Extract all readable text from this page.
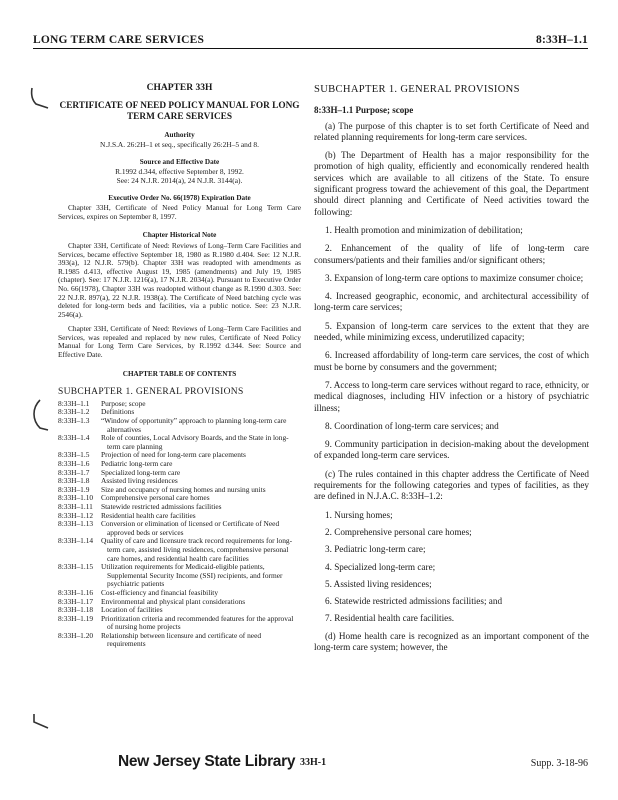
LONG TERM CARE SERVICES	8:33H–1.1
CHAPTER 33H
CERTIFICATE OF NEED POLICY MANUAL FOR LONG TERM CARE SERVICES
Authority
N.J.S.A. 26:2H–1 et seq., specifically 26:2H–5 and 8.
Source and Effective Date
R.1992 d.344, effective September 8, 1992.
See: 24 N.J.R. 2014(a), 24 N.J.R. 3144(a).
Executive Order No. 66(1978) Expiration Date

Chapter 33H, Certificate of Need Policy Manual for Long Term Care Services, expires on September 8, 1997.

Chapter Historical Note

Chapter 33H, Certificate of Need: Reviews of Long–Term Care Facilities and Services, became effective September 18, 1980 as R.1980 d.404. See: 12 N.J.R. 393(a), 12 N.J.R. 579(b). Chapter 33H was readopted with amendments as R.1985 d.413, effective August 19, 1985 (amendments) and July 19, 1985 (chapter). See: 17 N.J.R. 1216(a), 17 N.J.R. 2034(a). Pursuant to Executive Order No. 66(1978), Chapter 33H was readopted without change as R.1990 d.303. See: 22 N.J.R. 897(a), 22 N.J.R. 1938(a). The Certificate of Need batching cycle was deleted for long-term beds and facilities, via a public notice. See: 23 N.J.R. 2546(a).

Chapter 33H, Certificate of Need: Reviews of Long–Term Care Facilities and Services, was repealed and replaced by new rules, Certificate of Need Policy Manual for Long Term Care Services, by R.1992 d.344. See: Source and Effective Date.

CHAPTER TABLE OF CONTENTS
SUBCHAPTER 1. GENERAL PROVISIONS
8:33H–1.1	Purpose; scope
8:33H–1.2	Definitions
8:33H–1.3	“Window of opportunity” approach to planning long-term care alternatives
8:33H–1.4	Role of counties, Local Advisory Boards, and the State in long-term care planning
8:33H–1.5	Projection of need for long-term care placements
8:33H–1.6	Pediatric long-term care
8:33H–1.7	Specialized long-term care
8:33H–1.8	Assisted living residences
8:33H–1.9	Size and occupancy of nursing homes and nursing units
8:33H–1.10	Comprehensive personal care homes
8:33H–1.11	Statewide restricted admissions facilities
8:33H–1.12	Residential health care facilities
8:33H–1.13	Conversion or elimination of licensed or Certificate of Need approved beds or services
8:33H–1.14	Quality of care and licensure track record requirements for long-term care, assisted living residences, comprehensive personal care homes, and residential health care facilities
8:33H–1.15	Utilization requirements for Medicaid-eligible patients, Supplemental Security Income (SSI) recipients, and former psychiatric patients
8:33H–1.16	Cost-efficiency and financial feasibility
8:33H–1.17	Environmental and physical plant considerations
8:33H–1.18	Location of facilities
8:33H–1.19	Prioritization criteria and recommended features for the approval of nursing home projects
8:33H–1.20	Relationship between licensure and certificate of need requirements
SUBCHAPTER 1. GENERAL PROVISIONS
8:33H–1.1 Purpose; scope

(a) The purpose of this chapter is to set forth Certificate of Need and related planning requirements for long-term care services.

(b) The Department of Health has a major responsibility for the promotion of high quality, efficiently and economically rendered health services which are available to all citizens of the State. To ensure significant progress toward the achievement of this goal, the Department should direct planning and Certificate of Need activities toward the following:

1. Health promotion and minimization of debilitation;

2. Enhancement of the quality of life of long-term care consumers/patients and their families and/or significant others;

3. Expansion of long-term care options to maximize consumer choice;

4. Increased geographic, economic, and architectural accessibility of long-term care services;

5. Expansion of long-term care services to the extent that they are needed, while minimizing excess, underutilized capacity;

6. Increased affordability of long-term care services, the cost of which must be borne by consumers and the government;

7. Access to long-term care services without regard to race, ethnicity, or medical diagnoses, including HIV infection or a history of psychiatric illness;

8. Coordination of long-term care services; and

9. Community participation in decision-making about the development of expanded long-term care services.

(c) The rules contained in this chapter address the Certificate of Need requirements for the following categories and types of facilities, as they are defined in N.J.A.C. 8:33H–1.2:

1. Nursing homes;

2. Comprehensive personal care homes;

3. Pediatric long-term care;

4. Specialized long-term care;

5. Assisted living residences;

6. Statewide restricted admissions facilities; and

7. Residential health care facilities.

(d) Home health care is recognized as an important component of the long-term care system; however, the

New Jersey State Library 33H-1	Supp. 3-18-96
